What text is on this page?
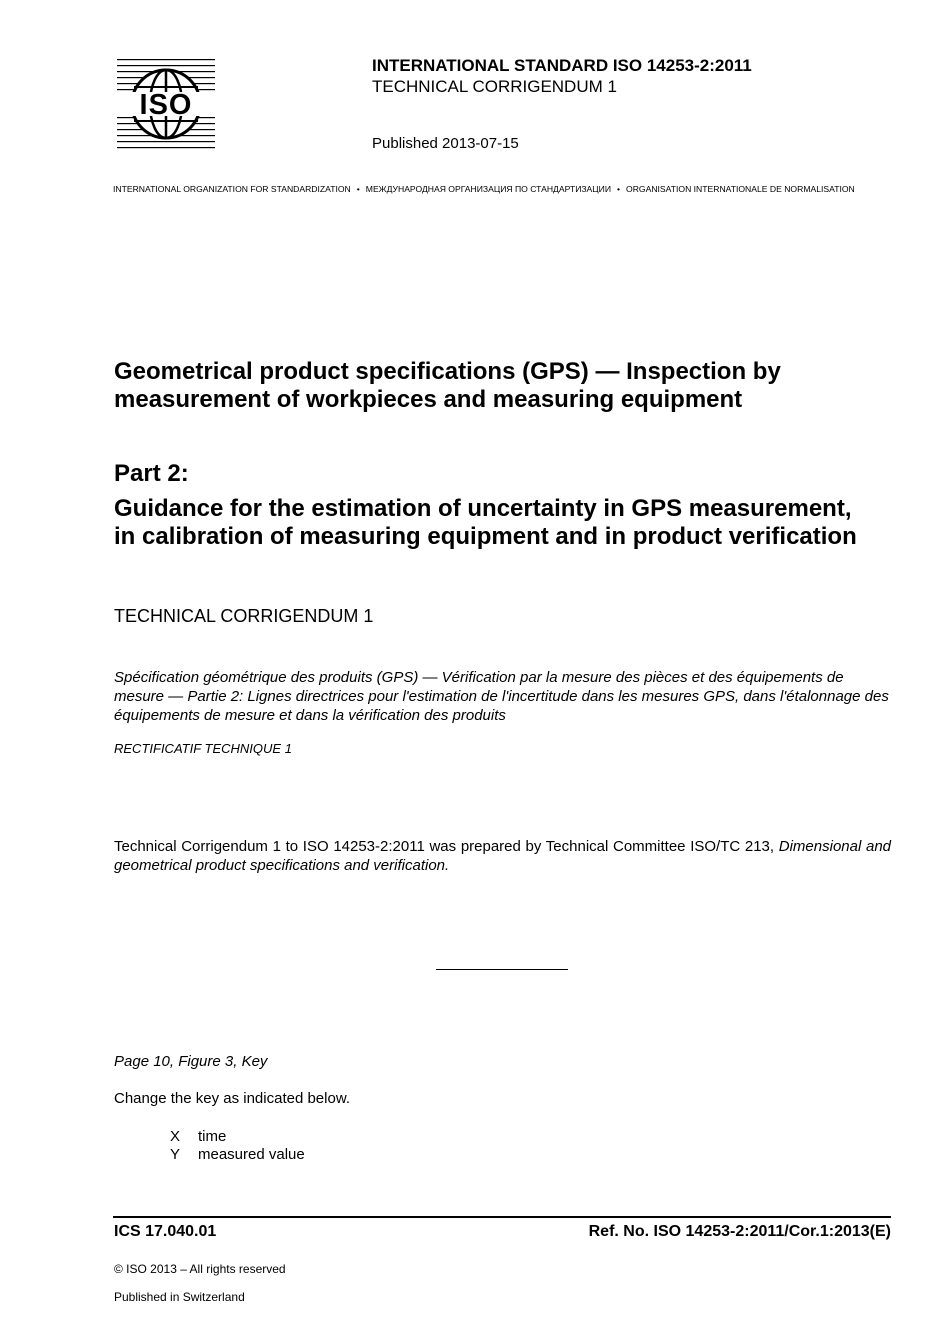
ISO
INTERNATIONAL STANDARD ISO 14253-2:2011
TECHNICAL CORRIGENDUM 1
Published 2013-07-15
INTERNATIONAL ORGANIZATION FOR STANDARDIZATION • МЕЖДУНАРОДНАЯ ОРГАНИЗАЦИЯ ПО СТАНДАРТИЗАЦИИ • ORGANISATION INTERNATIONALE DE NORMALISATION
Geometrical product specifications (GPS) — Inspection by measurement of workpieces and measuring equipment
Part 2:
Guidance for the estimation of uncertainty in GPS measurement, in calibration of measuring equipment and in product verification
TECHNICAL CORRIGENDUM 1
Spécification géométrique des produits (GPS) — Vérification par la mesure des pièces et des équipements de mesure — Partie 2: Lignes directrices pour l'estimation de l'incertitude dans les mesures GPS, dans l'étalonnage des équipements de mesure et dans la vérification des produits
RECTIFICATIF TECHNIQUE 1
Technical Corrigendum 1 to ISO 14253-2:2011 was prepared by Technical Committee ISO/TC 213, Dimensional and geometrical product specifications and verification.
Page 10, Figure 3, Key
Change the key as indicated below.
X time
Y measured value
ICS 17.040.01	Ref. No. ISO 14253-2:2011/Cor.1:2013(E)
© ISO 2013 – All rights reserved
Published in Switzerland
